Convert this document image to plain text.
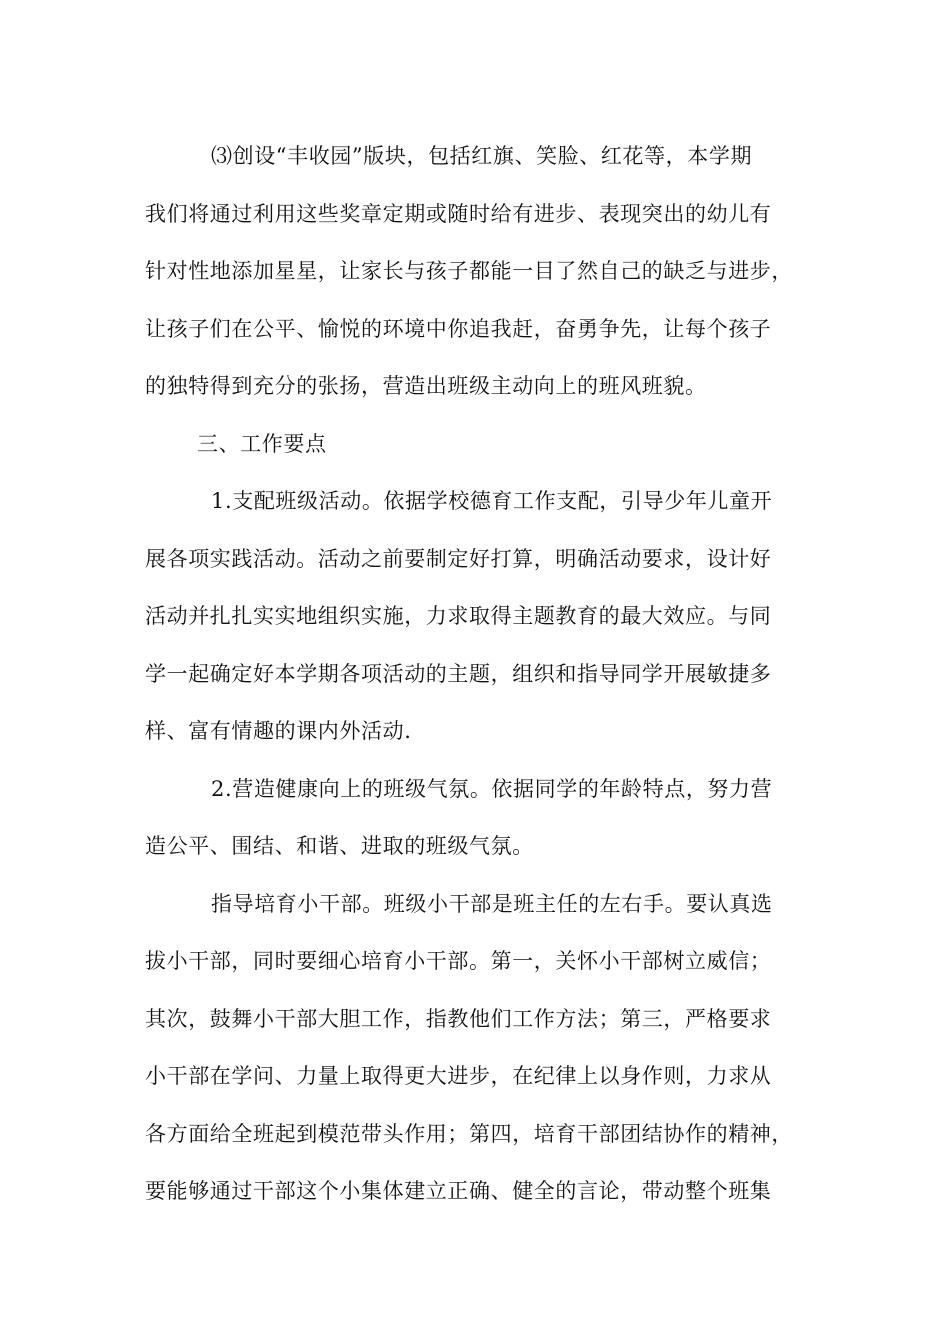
⑶创设“丰收园”版块，包括红旗、笑脸、红花等，本学期
我们将通过利用这些奖章定期或随时给有进步、表现突出的幼儿有
针对性地添加星星，让家长与孩子都能一目了然自己的缺乏与进步，
让孩子们在公平、愉悦的环境中你追我赶，奋勇争先，让每个孩子
的独特得到充分的张扬，营造出班级主动向上的班风班貌。
三、工作要点
1.支配班级活动。依据学校德育工作支配，引导少年儿童开
展各项实践活动。活动之前要制定好打算，明确活动要求，设计好
活动并扎扎实实地组织实施，力求取得主题教育的最大效应。与同
学一起确定好本学期各项活动的主题，组织和指导同学开展敏捷多
样、富有情趣的课内外活动.
2.营造健康向上的班级气氛。依据同学的年龄特点，努力营
造公平、围结、和谐、进取的班级气氛。
指导培育小干部。班级小干部是班主任的左右手。要认真选
拔小干部，同时要细心培育小干部。第一，关怀小干部树立威信；
其次，鼓舞小干部大胆工作，指教他们工作方法；第三，严格要求
小干部在学问、力量上取得更大进步，在纪律上以身作则，力求从
各方面给全班起到模范带头作用；第四，培育干部团结协作的精神，
要能够通过干部这个小集体建立正确、健全的言论，带动整个班集
